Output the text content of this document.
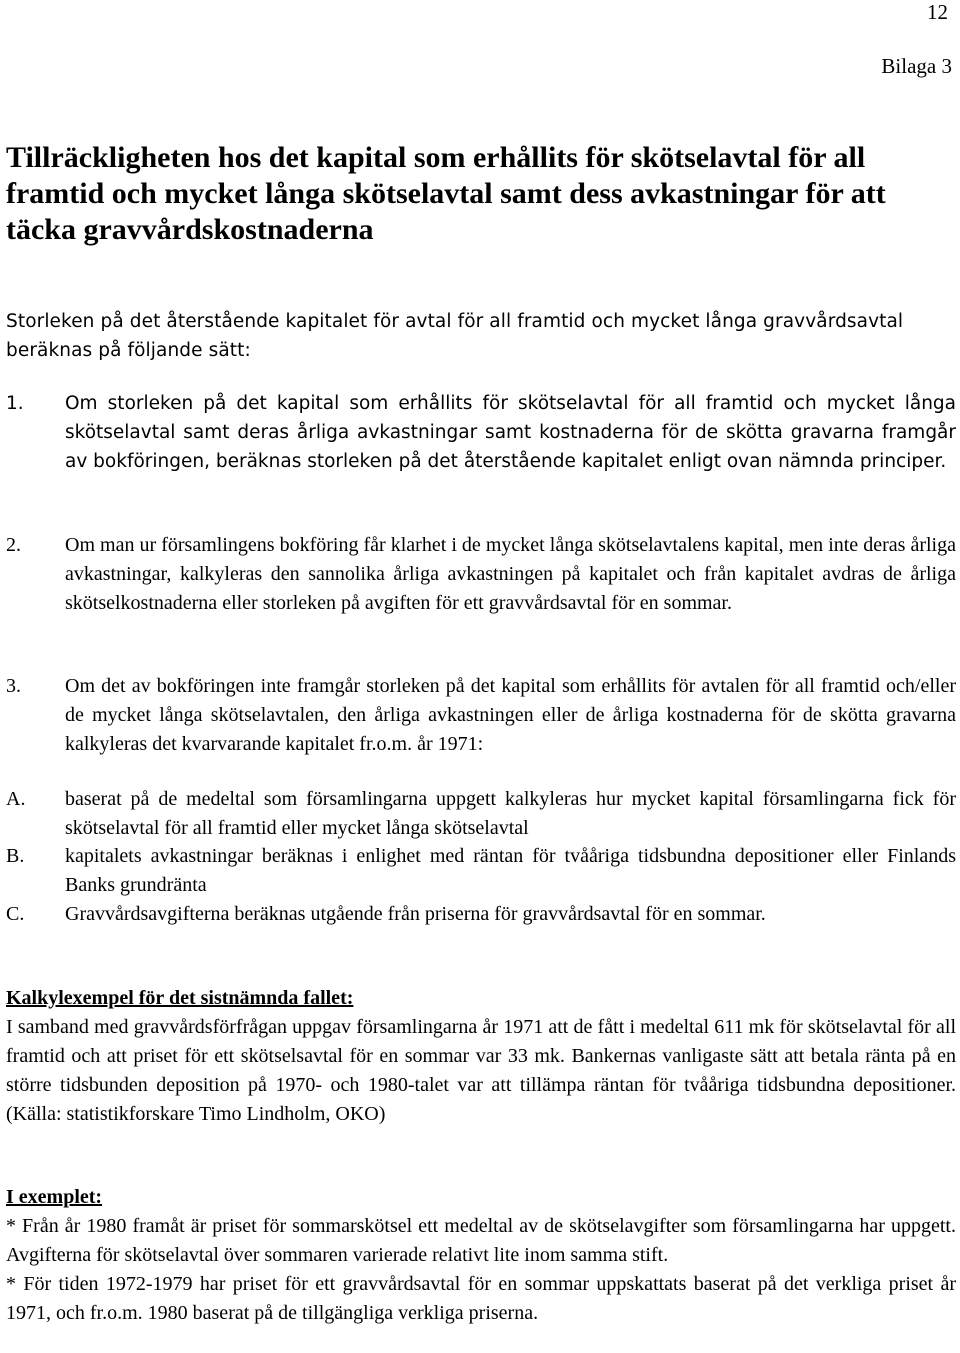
12
Bilaga 3
Tillräckligheten hos det kapital som erhållits för skötselavtal för all framtid och mycket långa skötselavtal samt dess avkastningar för att täcka gravvårdskostnaderna

Storleken på det återstående kapitalet för avtal för all framtid och mycket långa gravvårdsavtal beräknas på följande sätt:

1.	Om storleken på det kapital som erhållits för skötselavtal för all framtid och mycket långa skötselavtal samt deras årliga avkastningar samt kostnaderna för de skötta gravarna framgår av bokföringen, beräknas storleken på det återstående kapitalet enligt ovan nämnda principer.
2.	Om man ur församlingens bokföring får klarhet i de mycket långa skötselavtalens kapital, men inte deras årliga avkastningar, kalkyleras den sannolika årliga avkastningen på kapitalet och från kapitalet avdras de årliga skötselkostnaderna eller storleken på avgiften för ett gravvårdsavtal för en sommar.
3.	Om det av bokföringen inte framgår storleken på det kapital som erhållits för avtalen för all framtid och/eller de mycket långa skötselavtalen, den årliga avkastningen eller de årliga kostnaderna för de skötta gravarna kalkyleras det kvarvarande kapitalet fr.o.m. år 1971:
A.	baserat på de medeltal som församlingarna uppgett kalkyleras hur mycket kapital församlingarna fick för skötselavtal för all framtid eller mycket långa skötselavtal
B.	kapitalets avkastningar beräknas i enlighet med räntan för tvååriga tidsbundna depositioner eller Finlands Banks grundränta
C.	Gravvårdsavgifterna beräknas utgående från priserna för gravvårdsavtal för en sommar.
Kalkylexempel för det sistnämnda fallet:
I samband med gravvårdsförfrågan uppgav församlingarna år 1971 att de fått i medeltal 611 mk för skötselavtal för all framtid och att priset för ett skötselsavtal för en sommar var 33 mk. Bankernas vanligaste sätt att betala ränta på en större tidsbunden deposition på 1970- och 1980-talet var att tillämpa räntan för tvååriga tidsbundna depositioner. (Källa: statistikforskare Timo Lindholm, OKO)
I exemplet:
* Från år 1980 framåt är priset för sommarskötsel ett medeltal av de skötselavgifter som församlingarna har uppgett. Avgifterna för skötselavtal över sommaren varierade relativt lite inom samma stift.
* För tiden 1972-1979 har priset för ett gravvårdsavtal för en sommar uppskattats baserat på det verkliga priset år 1971, och fr.o.m. 1980 baserat på de tillgängliga verkliga priserna.
